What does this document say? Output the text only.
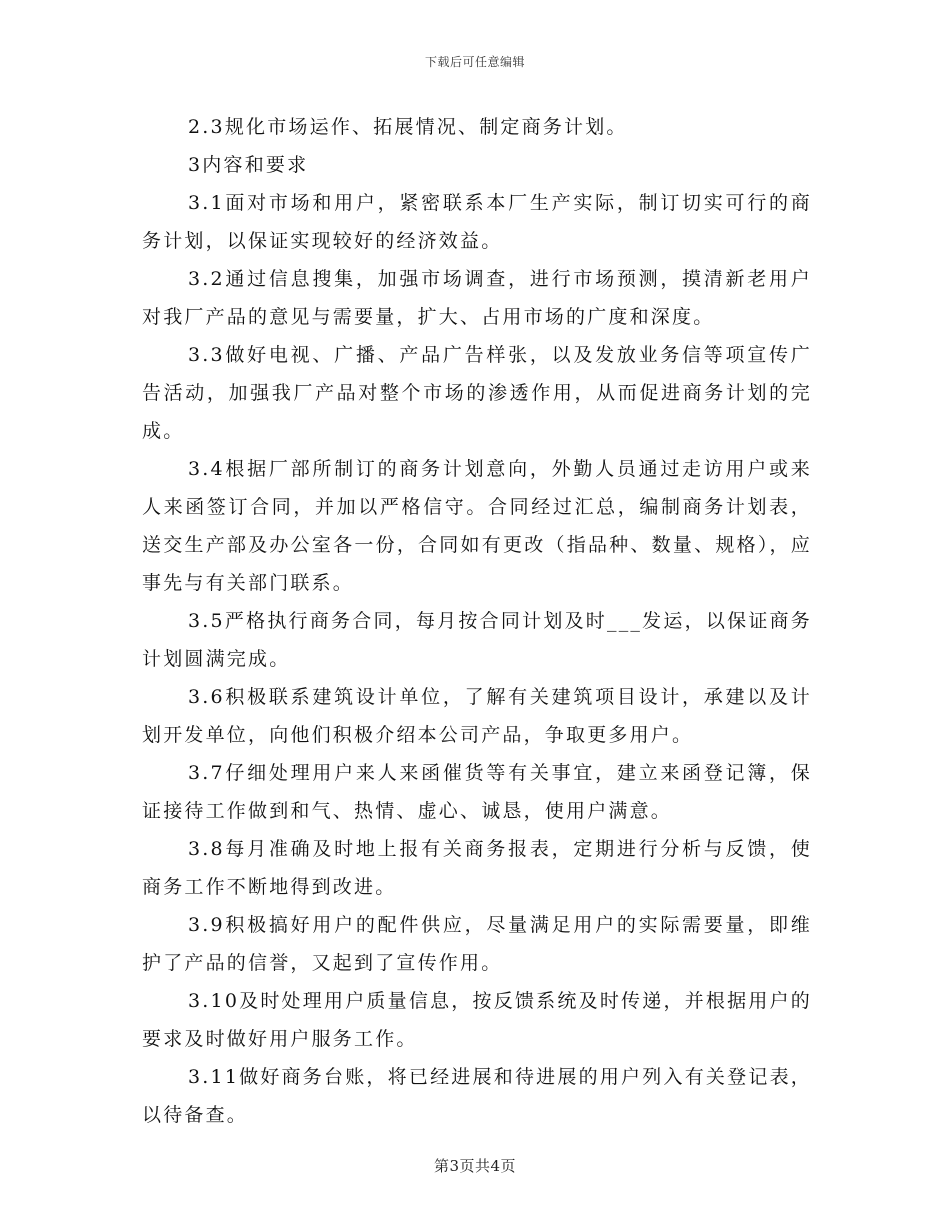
下载后可任意编辑

2.3规化市场运作、拓展情况、制定商务计划。

3内容和要求

3.1面对市场和用户，紧密联系本厂生产实际，制订切实可行的商务计划，以保证实现较好的经济效益。

3.2通过信息搜集，加强市场调查，进行市场预测，摸清新老用户对我厂产品的意见与需要量，扩大、占用市场的广度和深度。

3.3做好电视、广播、产品广告样张，以及发放业务信等项宣传广告活动，加强我厂产品对整个市场的渗透作用，从而促进商务计划的完成。

3.4根据厂部所制订的商务计划意向，外勤人员通过走访用户或来人来函签订合同，并加以严格信守。合同经过汇总，编制商务计划表，送交生产部及办公室各一份，合同如有更改（指品种、数量、规格），应事先与有关部门联系。

3.5严格执行商务合同，每月按合同计划及时___发运，以保证商务计划圆满完成。

3.6积极联系建筑设计单位，了解有关建筑项目设计，承建以及计划开发单位，向他们积极介绍本公司产品，争取更多用户。

3.7仔细处理用户来人来函催货等有关事宜，建立来函登记簿，保证接待工作做到和气、热情、虚心、诚恳，使用户满意。

3.8每月准确及时地上报有关商务报表，定期进行分析与反馈，使商务工作不断地得到改进。

3.9积极搞好用户的配件供应，尽量满足用户的实际需要量，即维护了产品的信誉，又起到了宣传作用。

3.10及时处理用户质量信息，按反馈系统及时传递，并根据用户的要求及时做好用户服务工作。

3.11做好商务台账，将已经进展和待进展的用户列入有关登记表，以待备查。

第3页共4页
